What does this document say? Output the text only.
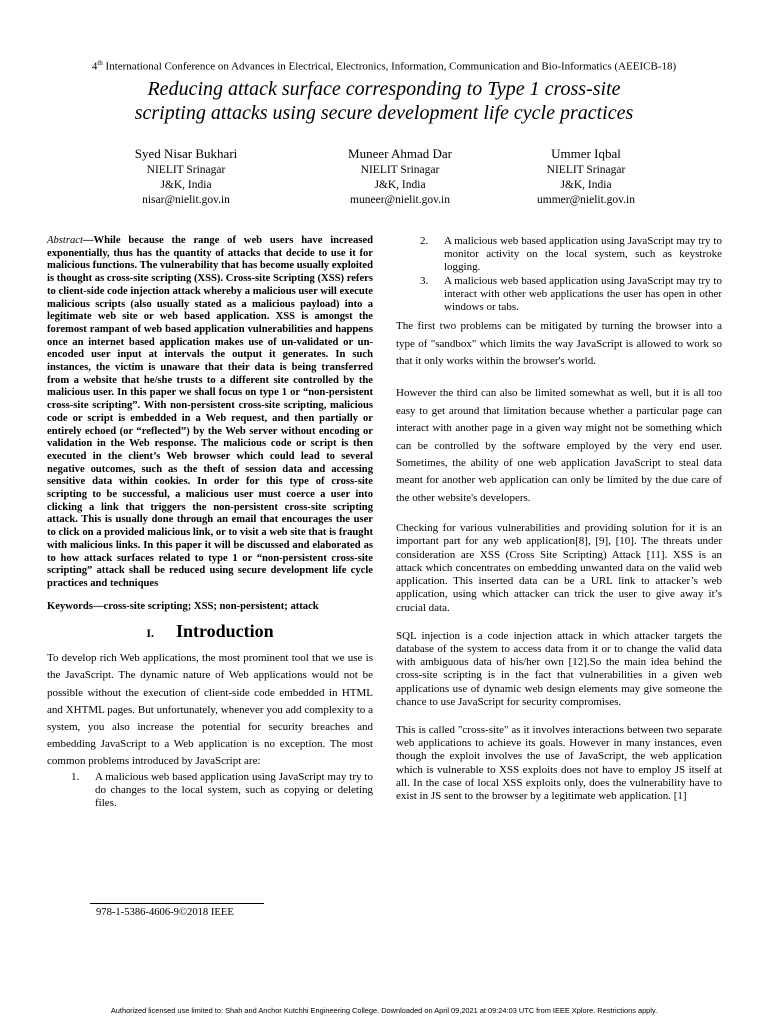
4th International Conference on Advances in Electrical, Electronics, Information, Communication and Bio-Informatics (AEEICB-18)
Reducing attack surface corresponding to Type 1 cross-site
scripting attacks using secure development life cycle practices
Syed Nisar Bukhari
NIELIT Srinagar
J&K, India
nisar@nielit.gov.in
Muneer Ahmad Dar
NIELIT Srinagar
J&K, India
muneer@nielit.gov.in
Ummer Iqbal
NIELIT Srinagar
J&K, India
ummer@nielit.gov.in

Abstract—While because the range of web users have increased exponentially, thus has the quantity of attacks that decide to use it for malicious functions. The vulnerability that has become usually exploited is thought as cross-site scripting (XSS). Cross-site Scripting (XSS) refers to client-side code injection attack whereby a malicious user will execute malicious scripts (also usually stated as a malicious payload) into a legitimate web site or web based application. XSS is amongst the foremost rampant of web based application vulnerabilities and happens once an internet based application makes use of un-validated or un-encoded user input at intervals the output it generates. In such instances, the victim is unaware that their data is being transferred from a website that he/she trusts to a different site controlled by the malicious user. In this paper we shall focus on type 1 or “non-persistent cross-site scripting”. With non-persistent cross-site scripting, malicious code or script is embedded in a Web request, and then partially or entirely echoed (or “reflected”) by the Web server without encoding or validation in the Web response. The malicious code or script is then executed in the client’s Web browser which could lead to several negative outcomes, such as the theft of session data and accessing sensitive data within cookies. In order for this type of cross-site scripting to be successful, a malicious user must coerce a user into clicking a link that triggers the non-persistent cross-site scripting attack. This is usually done through an email that encourages the user to click on a provided malicious link, or to visit a web site that is fraught with malicious links. In this paper it will be discussed and elaborated as to how attack surfaces related to type 1 or “non-persistent cross-site scripting” attack shall be reduced using secure development life cycle practices and techniques

Keywords—cross-site scripting; XSS; non-persistent; attack

I. Introduction

To develop rich Web applications, the most prominent tool that we use is the JavaScript. The dynamic nature of Web applications would not be possible without the execution of client-side code embedded in HTML and XHTML pages. But unfortunately, whenever you add complexity to a system, you also increase the potential for security breaches and embedding JavaScript to a Web application is no exception. The most common problems introduced by JavaScript are:

1. A malicious web based application using JavaScript may try to do changes to the local system, such as copying or deleting files.
2. A malicious web based application using JavaScript may try to monitor activity on the local system, such as keystroke logging.
3. A malicious web based application using JavaScript may try to interact with other web applications the user has open in other windows or tabs.

The first two problems can be mitigated by turning the browser into a type of "sandbox" which limits the way JavaScript is allowed to work so that it only works within the browser's world.

However the third can also be limited somewhat as well, but it is all too easy to get around that limitation because whether a particular page can interact with another page in a given way might not be something which can be controlled by the software employed by the very end user. Sometimes, the ability of one web application JavaScript to steal data meant for another web application can only be limited by the due care of the other website's developers.

Checking for various vulnerabilities and providing solution for it is an important part for any web application[8], [9], [10]. The threats under consideration are XSS (Cross Site Scripting) Attack [11]. XSS is an attack which concentrates on embedding unwanted data on the valid web application. This inserted data can be a URL link to attacker’s web application, using which attacker can trick the user to give away it’s crucial data.

SQL injection is a code injection attack in which attacker targets the database of the system to access data from it or to change the valid data with ambiguous data of his/her own [12].So the main idea behind the cross-site scripting is in the fact that vulnerabilities in a given web applications use of dynamic web design elements may give someone the chance to use JavaScript for security compromises.

This is called "cross-site" as it involves interactions between two separate web applications to achieve its goals. However in many instances, even though the exploit involves the use of JavaScript, the web application which is vulnerable to XSS exploits does not have to employ JS itself at all. In the case of local XSS exploits only, does the vulnerability have to exist in JS sent to the browser by a legitimate web application. [1]

978-1-5386-4606-9©2018 IEEE
Authorized licensed use limited to: Shah and Anchor Kutchhi Engineering College. Downloaded on April 09,2021 at 09:24:03 UTC from IEEE Xplore. Restrictions apply.
